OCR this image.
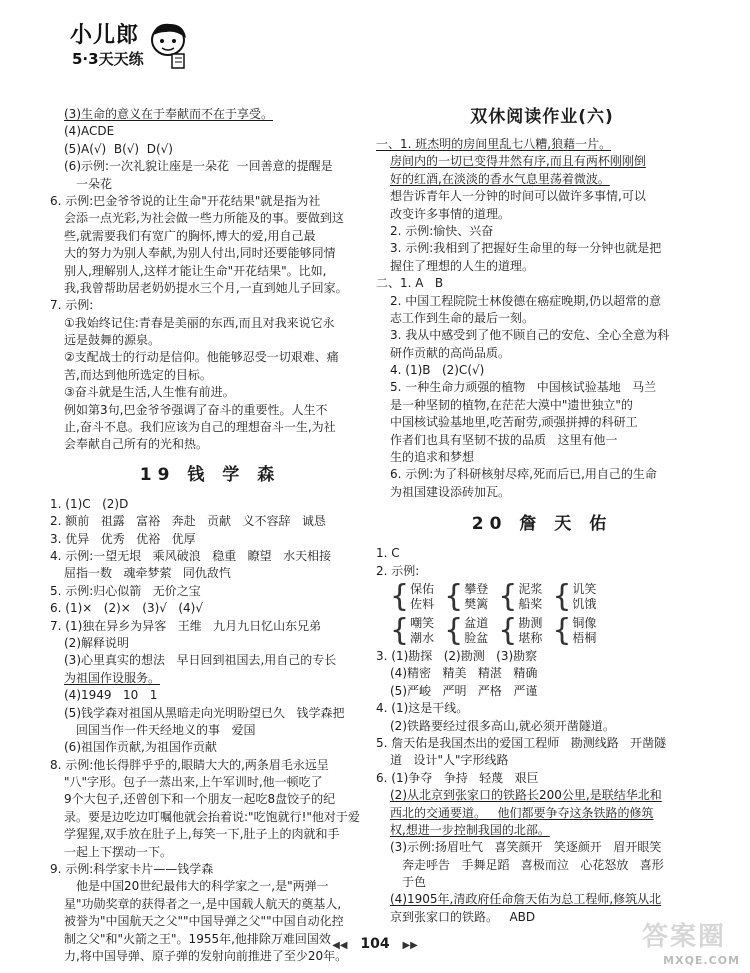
小儿郎
5·3天天练
(3)生命的意义在于奉献而不在于享受。
(4)ACDE
(5)A(√)  B(√)  D(√)
(6)示例:一次礼貌让座是一朵花  一回善意的提醒是
一朵花
6. 示例:巴金爷爷说的让生命"开花结果"就是指为社
会添一点光彩,为社会做一些力所能及的事。要做到这
些,就需要我们有宽广的胸怀,博大的爱,用自己最
大的努力为别人奉献,为别人付出,同时还要能够同情
别人,理解别人,这样才能让生命"开花结果"。比如,
我,我曾帮助居老奶奶提水三个月,一直到她儿子回家。
7. 示例:
①我始终记住:青春是美丽的东西,而且对我来说它永
远是鼓舞的源泉。
②支配战士的行动是信仰。他能够忍受一切艰难、痛
苦,而达到他所选定的目标。
③奋斗就是生活,人生惟有前进。
例如第3句,巴金爷爷强调了奋斗的重要性。人生不
止,奋斗不息。我们应该为自己的理想奋斗一生,为社
会奉献自己所有的光和热。
19 钱 学 森
1. (1)C   (2)D
2. 额前   祖露   富裕   奔赴   贡献   义不容辞   诚恳
3. 优异   优秀   优裕   优厚
4. 示例:一望无垠   乘风破浪   稳重   瞭望   水天相接
屈指一数   魂牵梦萦   同仇敌忾
5. 示例:归心似箭   无价之宝
6. (1)×   (2)×   (3)√   (4)√
7. (1)独在异乡为异客   王维   九月九日忆山东兄弟
(2)解释说明
(3)心里真实的想法   早日回到祖国去,用自己的专长
为祖国作设服务。
(4)1949   10   1
(5)钱学森对祖国从黑暗走向光明盼望已久   钱学森把
回国当作一件天经地义的事   爱国
(6)祖国作贡献,为祖国作贡献
8. 示例:他长得胖乎乎的,眼睛大大的,两条眉毛永远呈
"八"字形。包子一蒸出来,上午军训时,他一顿吃了
9个大包子,还曾创下和一个朋友一起吃8盘饺子的纪
录。要是边吃边叮嘱他就会抬着说:"吃饱就行!"他对于爱
学猩猩,双手放在肚子上,每笑一下,肚子上的肉就和手
一起上下摆动一下。
9. 示例:科学家卡片——钱学森
他是中国20世纪最伟大的科学家之一,是"两弹一
星"功勋奖章的获得者之一,是中国载人航天的奠基人,
被誉为"中国航天之父""中国导弹之父""中国自动化控
制之父"和"火箭之王"。1955年,他排除万难回国效
力,将中国导弹、原子弹的发射向前推进了至少20年。
双休阅读作业(六)
一、1. 班杰明的房间里乱七八糟,狼藉一片。
房间内的一切已变得井然有序,而且有两杯刚刚倒
好的红酒,在淡淡的香水气息里荡着微波。
想告诉青年人一分钟的时间可以做许多事情,可以
改变许多事情的道理。
2. 示例:愉快、兴奋
3. 示例:我相到了把握好生命里的每一分钟也就是把
握住了理想的人生的道理。
二、1. A   B
2. 中国工程院院士林俊德在癌症晚期,仍以超常的意
志工作到生命的最后一刻。
3. 我从中感受到了他不顾自己的安危、全心全意为科
研作贡献的高尚品质。
4. (1)B   (2)C(√)
5. 一种生命力顽强的植物   中国核试验基地   马兰
是一种坚韧的植物,在茫茫大漠中"遗世独立"的
中国核试验基地里,吃苦耐劳,顽强拼搏的科研工
作者们也具有坚韧不拔的品质   这里有他一
生的追求和梦想
6. 示例:为了科研核射尽瘁,死而后已,用自己的生命
为祖国建设添砖加瓦。
20 詹 天 佑
1. C
2. 示例:
{ 保佑
佐料 { 攀登
樊篱 { 泥浆
船桨 { 讥笑
饥饿
{ 嘲笑
潮水 { 盆道
脸盆 { 勘测
堪称 { 铜像
梧桐
3. (1)勘探   (2)勘测   (3)勘察
(4)精密   精美   精湛   精确
(5)严峻   严明   严格   严谨
4. (1)这是干线。
(2)铁路要经过很多高山,就必须开凿隧道。
5. 詹天佑是我国杰出的爱国工程师   勘测线路   开凿隧
道   设计"人"字形线路
6. (1)争夺   争持   轻蔑   艰巨
(2)从北京到张家口的铁路长200公里,是联结华北和
西北的交通要道。   他们都要争夺这条铁路的修筑
权,想进一步控制我国的北部。
(3)示例:扬眉吐气   喜笑颜开   笑逐颜开   眉开眼笑
奔走呼告   手舞足蹈   喜极而泣   心花怒放   喜形
于色
(4)1905年,清政府任命詹天佑为总工程师,修筑从北
京到张家口的铁路。   ABD
◀◀ 104 ▶▶	答案圈
MXQE.COM
